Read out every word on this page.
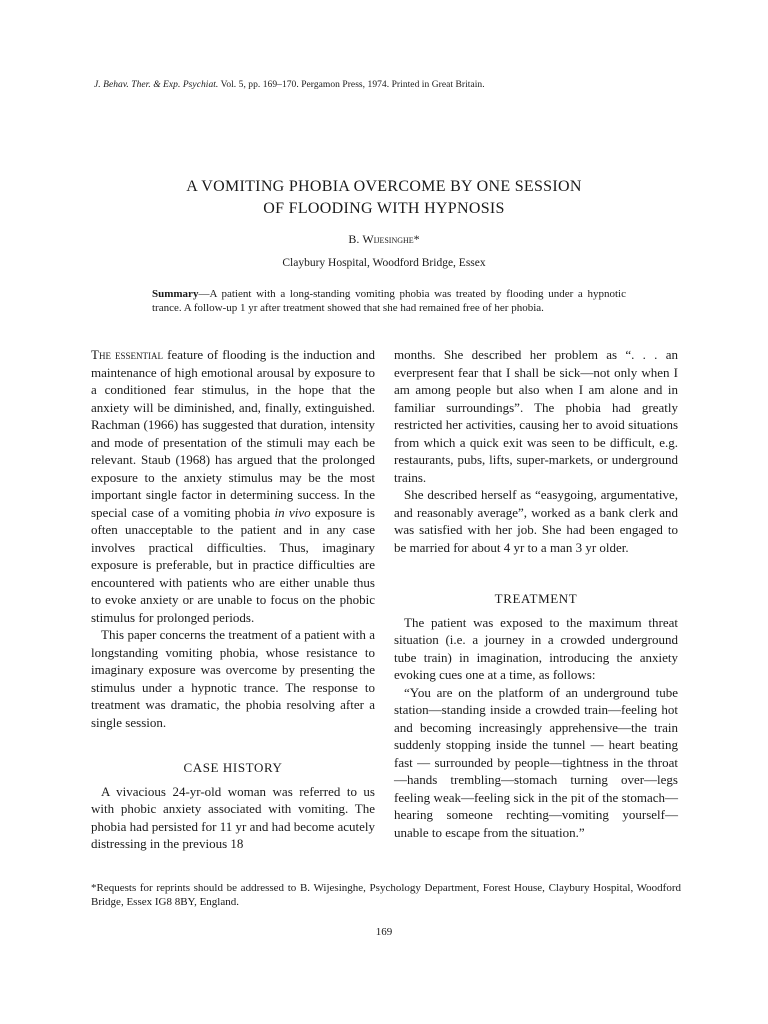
J. Behav. Ther. & Exp. Psychiat. Vol. 5, pp. 169–170. Pergamon Press, 1974. Printed in Great Britain.
A VOMITING PHOBIA OVERCOME BY ONE SESSION
OF FLOODING WITH HYPNOSIS
B. Wijesinghe*
Claybury Hospital, Woodford Bridge, Essex
Summary—A patient with a long-standing vomiting phobia was treated by flooding under a hypnotic trance. A follow-up 1 yr after treatment showed that she had remained free of her phobia.

The essential feature of flooding is the induction and maintenance of high emotional arousal by exposure to a conditioned fear stimulus, in the hope that the anxiety will be diminished, and, finally, extinguished. Rachman (1966) has suggested that duration, intensity and mode of presentation of the stimuli may each be relevant. Staub (1968) has argued that the prolonged exposure to the anxiety stimulus may be the most important single factor in determining success. In the special case of a vomiting phobia in vivo exposure is often unacceptable to the patient and in any case involves practical difficulties. Thus, imaginary exposure is preferable, but in practice difficulties are encountered with patients who are either unable thus to evoke anxiety or are unable to focus on the phobic stimulus for prolonged periods.

This paper concerns the treatment of a patient with a longstanding vomiting phobia, whose resistance to imaginary exposure was overcome by presenting the stimulus under a hypnotic trance. The response to treatment was dramatic, the phobia resolving after a single session.

CASE HISTORY

A vivacious 24-yr-old woman was referred to us with phobic anxiety associated with vomiting. The phobia had persisted for 11 yr and had become acutely distressing in the previous 18

months. She described her problem as “. . . an everpresent fear that I shall be sick—not only when I am among people but also when I am alone and in familiar surroundings”. The phobia had greatly restricted her activities, causing her to avoid situations from which a quick exit was seen to be difficult, e.g. restaurants, pubs, lifts, super-markets, or underground trains.

She described herself as “easygoing, argumentative, and reasonably average”, worked as a bank clerk and was satisfied with her job. She had been engaged to be married for about 4 yr to a man 3 yr older.

TREATMENT

The patient was exposed to the maximum threat situation (i.e. a journey in a crowded underground tube train) in imagination, introducing the anxiety evoking cues one at a time, as follows:

“You are on the platform of an underground tube station—standing inside a crowded train—feeling hot and becoming increasingly apprehensive—the train suddenly stopping inside the tunnel — heart beating fast — surrounded by people—tightness in the throat—hands trembling—stomach turning over—legs feeling weak—feeling sick in the pit of the stomach—hearing someone rechting—vomiting yourself—unable to escape from the situation.”

*Requests for reprints should be addressed to B. Wijesinghe, Psychology Department, Forest House, Claybury Hospital, Woodford Bridge, Essex IG8 8BY, England.
169
